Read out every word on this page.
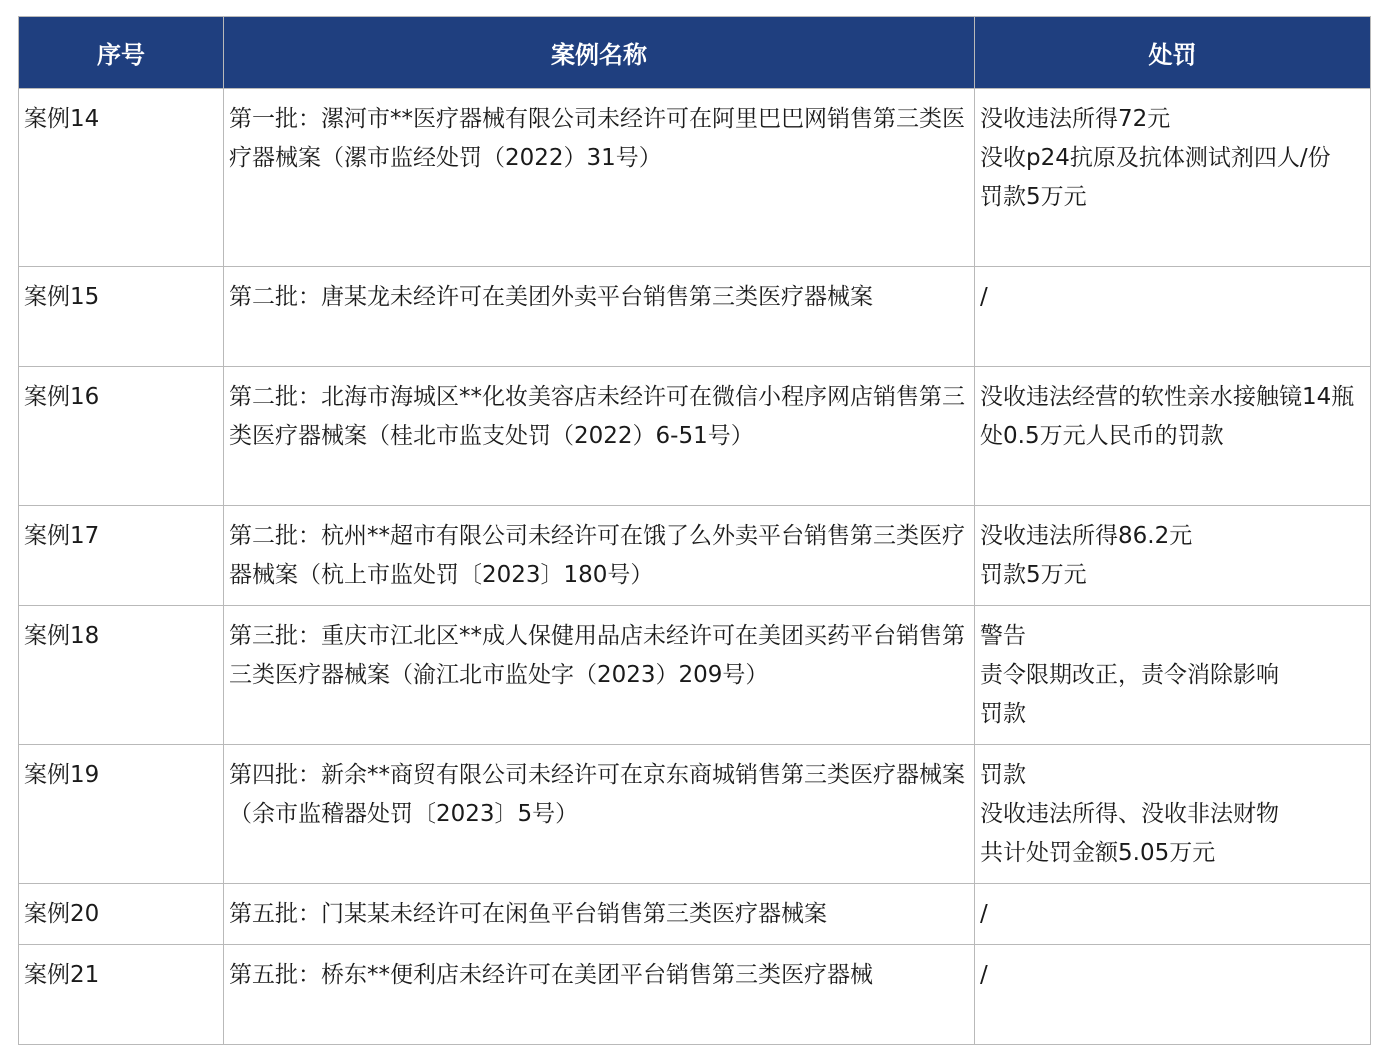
序号	案例名称	处罚
案例14	第一批：漯河市**医疗器械有限公司未经许可在阿里巴巴网销售第三类医疗器械案（漯市监经处罚（2022）31号）	没收违法所得72元
没收p24抗原及抗体测试剂四人/份
罚款5万元

案例15	第二批：唐某龙未经许可在美团外卖平台销售第三类医疗器械案	/

案例16	第二批：北海市海城区**化妆美容店未经许可在微信小程序网店销售第三类医疗器械案（桂北市监支处罚（2022）6-51号）	没收违法经营的软性亲水接触镜14瓶
处0.5万元人民币的罚款

案例17	第二批：杭州**超市有限公司未经许可在饿了么外卖平台销售第三类医疗器械案（杭上市监处罚〔2023〕180号）	没收违法所得86.2元
罚款5万元

案例18	第三批：重庆市江北区**成人保健用品店未经许可在美团买药平台销售第三类医疗器械案（渝江北市监处字（2023）209号）	警告
责令限期改正，责令消除影响
罚款

案例19	第四批：新余**商贸有限公司未经许可在京东商城销售第三类医疗器械案（余市监稽器处罚〔2023〕5号）	罚款
没收违法所得、没收非法财物
共计处罚金额5.05万元

案例20	第五批：门某某未经许可在闲鱼平台销售第三类医疗器械案	/

案例21	第五批：桥东**便利店未经许可在美团平台销售第三类医疗器械	/
